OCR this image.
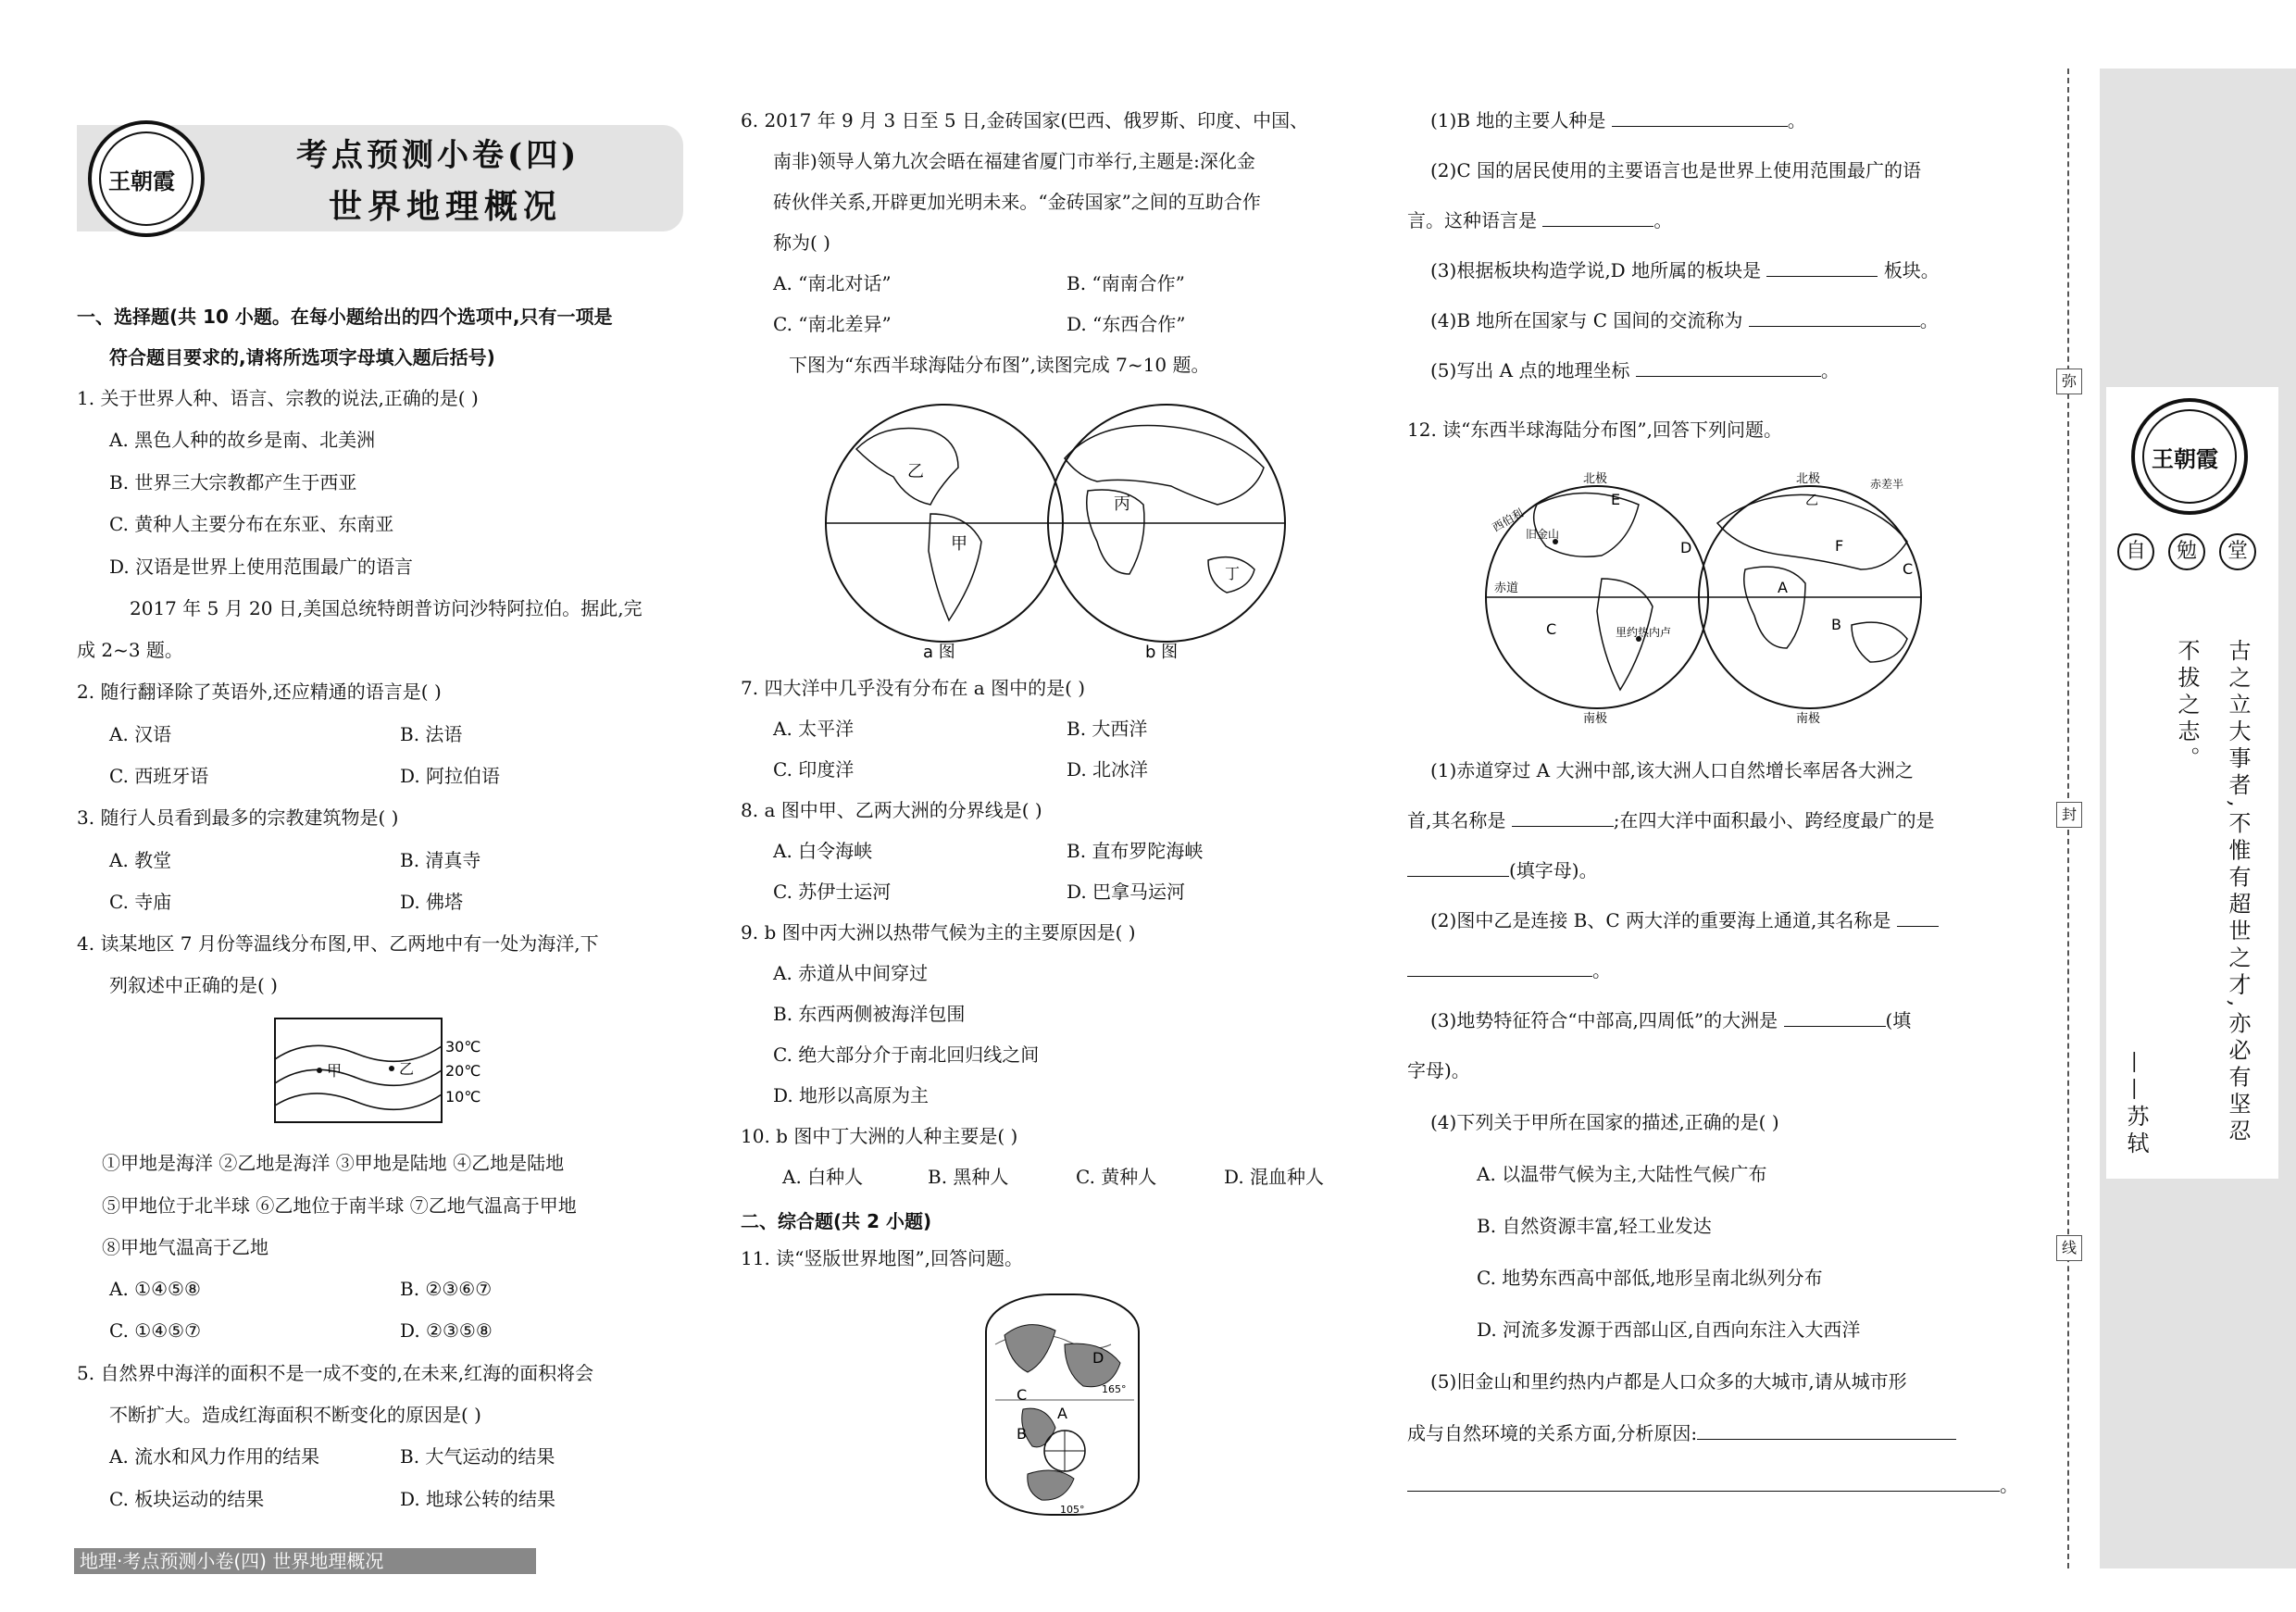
王朝霞
考点预测小卷(四)
世界地理概况
一、选择题(共 10 小题。在每小题给出的四个选项中,只有一项是
符合题目要求的,请将所选项字母填入题后括号)
1. 关于世界人种、语言、宗教的说法,正确的是( )
A. 黑色人种的故乡是南、北美洲
B. 世界三大宗教都产生于西亚
C. 黄种人主要分布在东亚、东南亚
D. 汉语是世界上使用范围最广的语言
2017 年 5 月 20 日,美国总统特朗普访问沙特阿拉伯。据此,完
成 2~3 题。
2. 随行翻译除了英语外,还应精通的语言是( )
A. 汉语	B. 法语
C. 西班牙语	D. 阿拉伯语
3. 随行人员看到最多的宗教建筑物是( )
A. 教堂	B. 清真寺
C. 寺庙	D. 佛塔
4. 读某地区 7 月份等温线分布图,甲、乙两地中有一处为海洋,下
列叙述中正确的是( )
甲	乙
30℃
20℃
10℃
①甲地是海洋 ②乙地是海洋 ③甲地是陆地 ④乙地是陆地
⑤甲地位于北半球 ⑥乙地位于南半球 ⑦乙地气温高于甲地
⑧甲地气温高于乙地
A. ①④⑤⑧	B. ②③⑥⑦
C. ①④⑤⑦	D. ②③⑤⑧
5. 自然界中海洋的面积不是一成不变的,在未来,红海的面积将会
不断扩大。造成红海面积不断变化的原因是( )
A. 流水和风力作用的结果	B. 大气运动的结果
C. 板块运动的结果	D. 地球公转的结果
地理·考点预测小卷(四) 世界地理概况
6. 2017 年 9 月 3 日至 5 日,金砖国家(巴西、俄罗斯、印度、中国、
南非)领导人第九次会晤在福建省厦门市举行,主题是:深化金
砖伙伴关系,开辟更加光明未来。“金砖国家”之间的互助合作
称为( )
A. “南北对话”	B. “南南合作”
C. “南北差异”	D. “东西合作”
下图为“东西半球海陆分布图”,读图完成 7~10 题。
乙
甲
丙
丁
a 图	b 图
7. 四大洋中几乎没有分布在 a 图中的是( )
A. 太平洋	B. 大西洋
C. 印度洋	D. 北冰洋
8. a 图中甲、乙两大洲的分界线是( )
A. 白令海峡	B. 直布罗陀海峡
C. 苏伊士运河	D. 巴拿马运河
9. b 图中丙大洲以热带气候为主的主要原因是( )
A. 赤道从中间穿过
B. 东西两侧被海洋包围
C. 绝大部分介于南北回归线之间
D. 地形以高原为主
10. b 图中丁大洲的人种主要是( )
A. 白种人	B. 黑种人	C. 黄种人	D. 混血种人
二、综合题(共 2 小题)
11. 读“竖版世界地图”,回答问题。
D
C
A
B
165°
105°
(1)B 地的主要人种是	。
(2)C 国的居民使用的主要语言也是世界上使用范围最广的语
言。这种语言是	。
(3)根据板块构造学说,D 地所属的板块是	板块。
(4)B 地所在国家与 C 国间的交流称为	。
(5)写出 A 点的地理坐标	。
12. 读“东西半球海陆分布图”,回答下列问题。
北极	北极
南极	南极
赤道
西伯利
赤差半
旧金山
里约热内卢
E
D
C
乙
F
A
B
C
(1)赤道穿过 A 大洲中部,该大洲人口自然增长率居各大洲之
首,其名称是	;在四大洋中面积最小、跨经度最广的是
(填字母)。
(2)图中乙是连接 B、C 两大洋的重要海上通道,其名称是
。
(3)地势特征符合“中部高,四周低”的大洲是	(填
字母)。
(4)下列关于甲所在国家的描述,正确的是( )
A. 以温带气候为主,大陆性气候广布
B. 自然资源丰富,轻工业发达
C. 地势东西高中部低,地形呈南北纵列分布
D. 河流多发源于西部山区,自西向东注入大西洋
(5)旧金山和里约热内卢都是人口众多的大城市,请从城市形
成与自然环境的关系方面,分析原因:
。
弥
封
线
王朝霞
自	勉	堂
古之立大事者,不惟有超世之才,亦必有坚忍
不拔之志。
——苏轼
